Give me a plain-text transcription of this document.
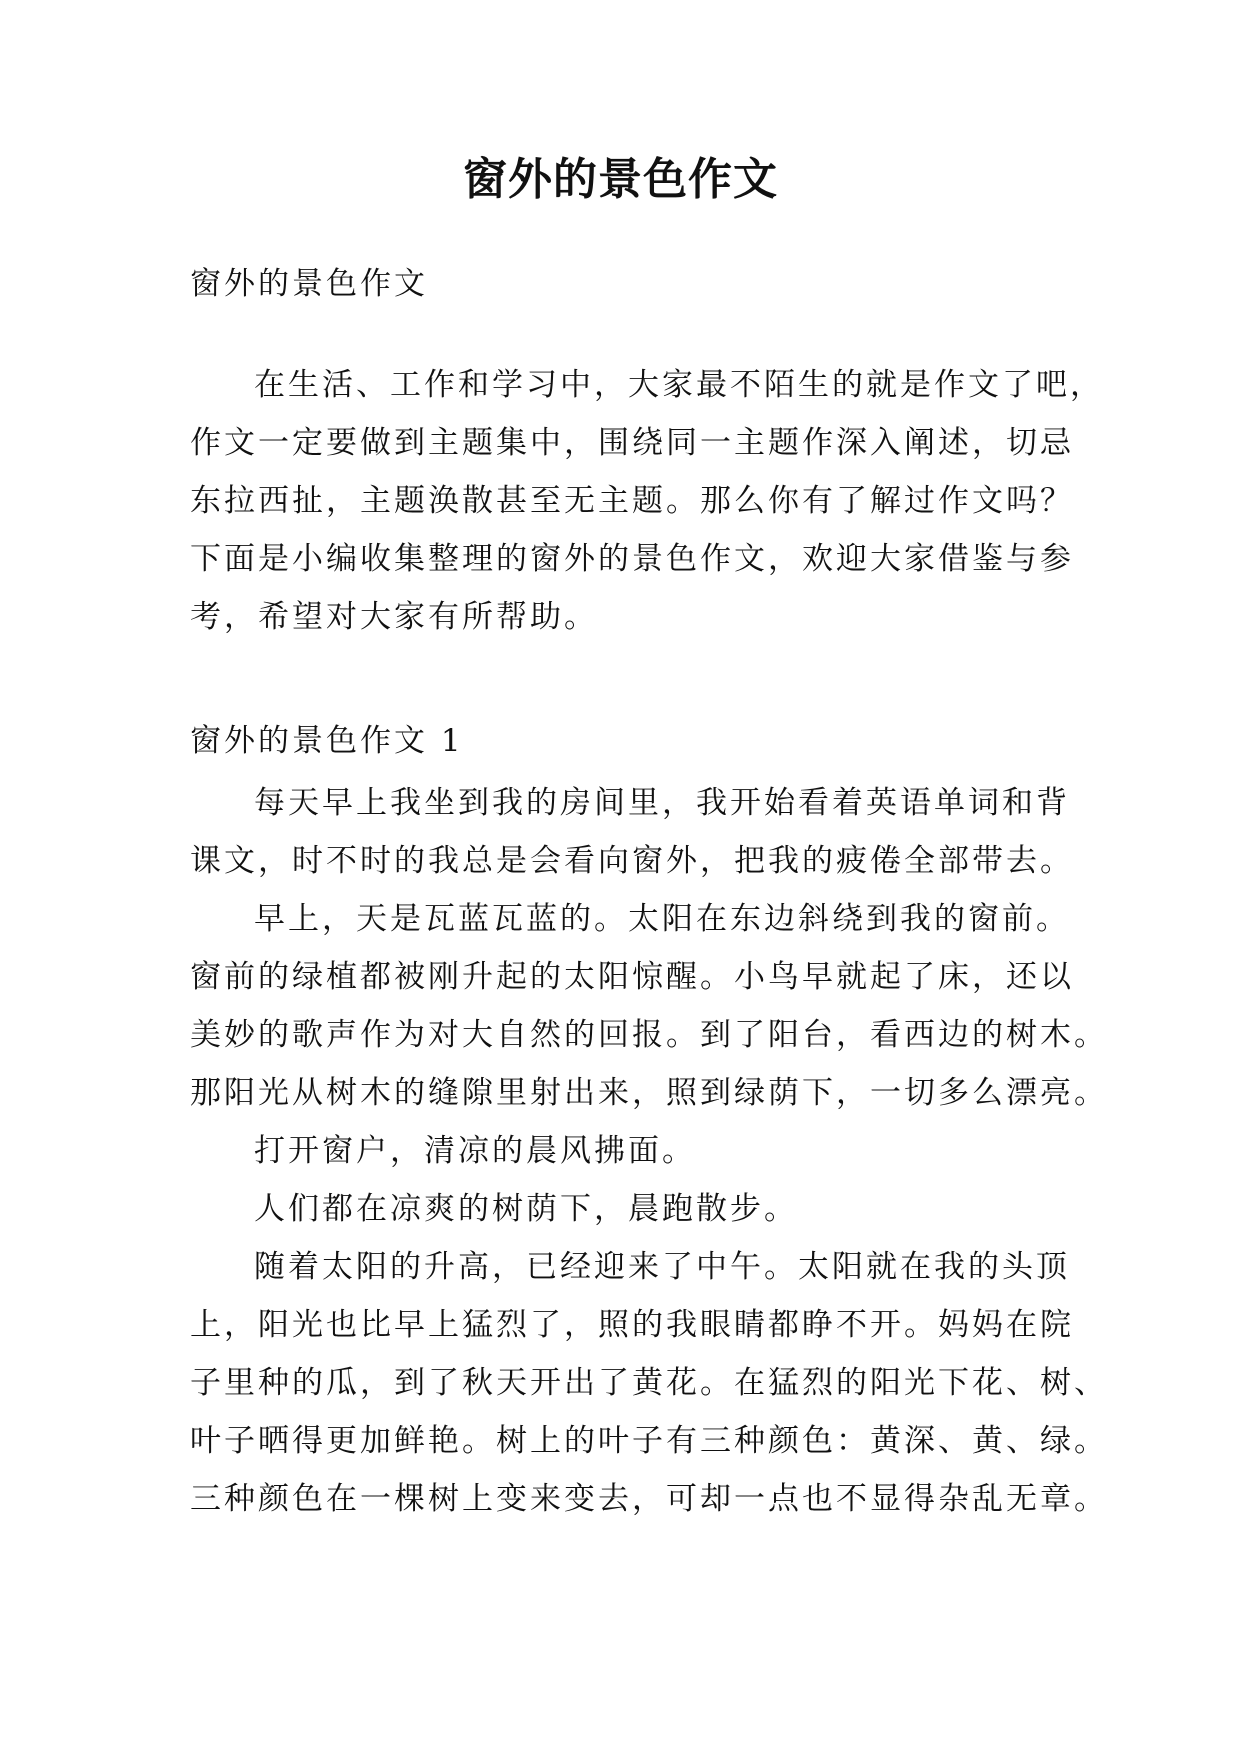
窗外的景色作文
窗外的景色作文
在生活、工作和学习中，大家最不陌生的就是作文了吧，
作文一定要做到主题集中，围绕同一主题作深入阐述，切忌
东拉西扯，主题涣散甚至无主题。那么你有了解过作文吗？
下面是小编收集整理的窗外的景色作文，欢迎大家借鉴与参
考，希望对大家有所帮助。
窗外的景色作文 1
每天早上我坐到我的房间里，我开始看着英语单词和背
课文，时不时的我总是会看向窗外，把我的疲倦全部带去。
早上，天是瓦蓝瓦蓝的。太阳在东边斜绕到我的窗前。
窗前的绿植都被刚升起的太阳惊醒。小鸟早就起了床，还以
美妙的歌声作为对大自然的回报。到了阳台，看西边的树木。
那阳光从树木的缝隙里射出来，照到绿荫下，一切多么漂亮。
打开窗户，清凉的晨风拂面。
人们都在凉爽的树荫下，晨跑散步。
随着太阳的升高，已经迎来了中午。太阳就在我的头顶
上，阳光也比早上猛烈了，照的我眼睛都睁不开。妈妈在院
子里种的瓜，到了秋天开出了黄花。在猛烈的阳光下花、树、
叶子晒得更加鲜艳。树上的叶子有三种颜色：黄深、黄、绿。
三种颜色在一棵树上变来变去，可却一点也不显得杂乱无章。
